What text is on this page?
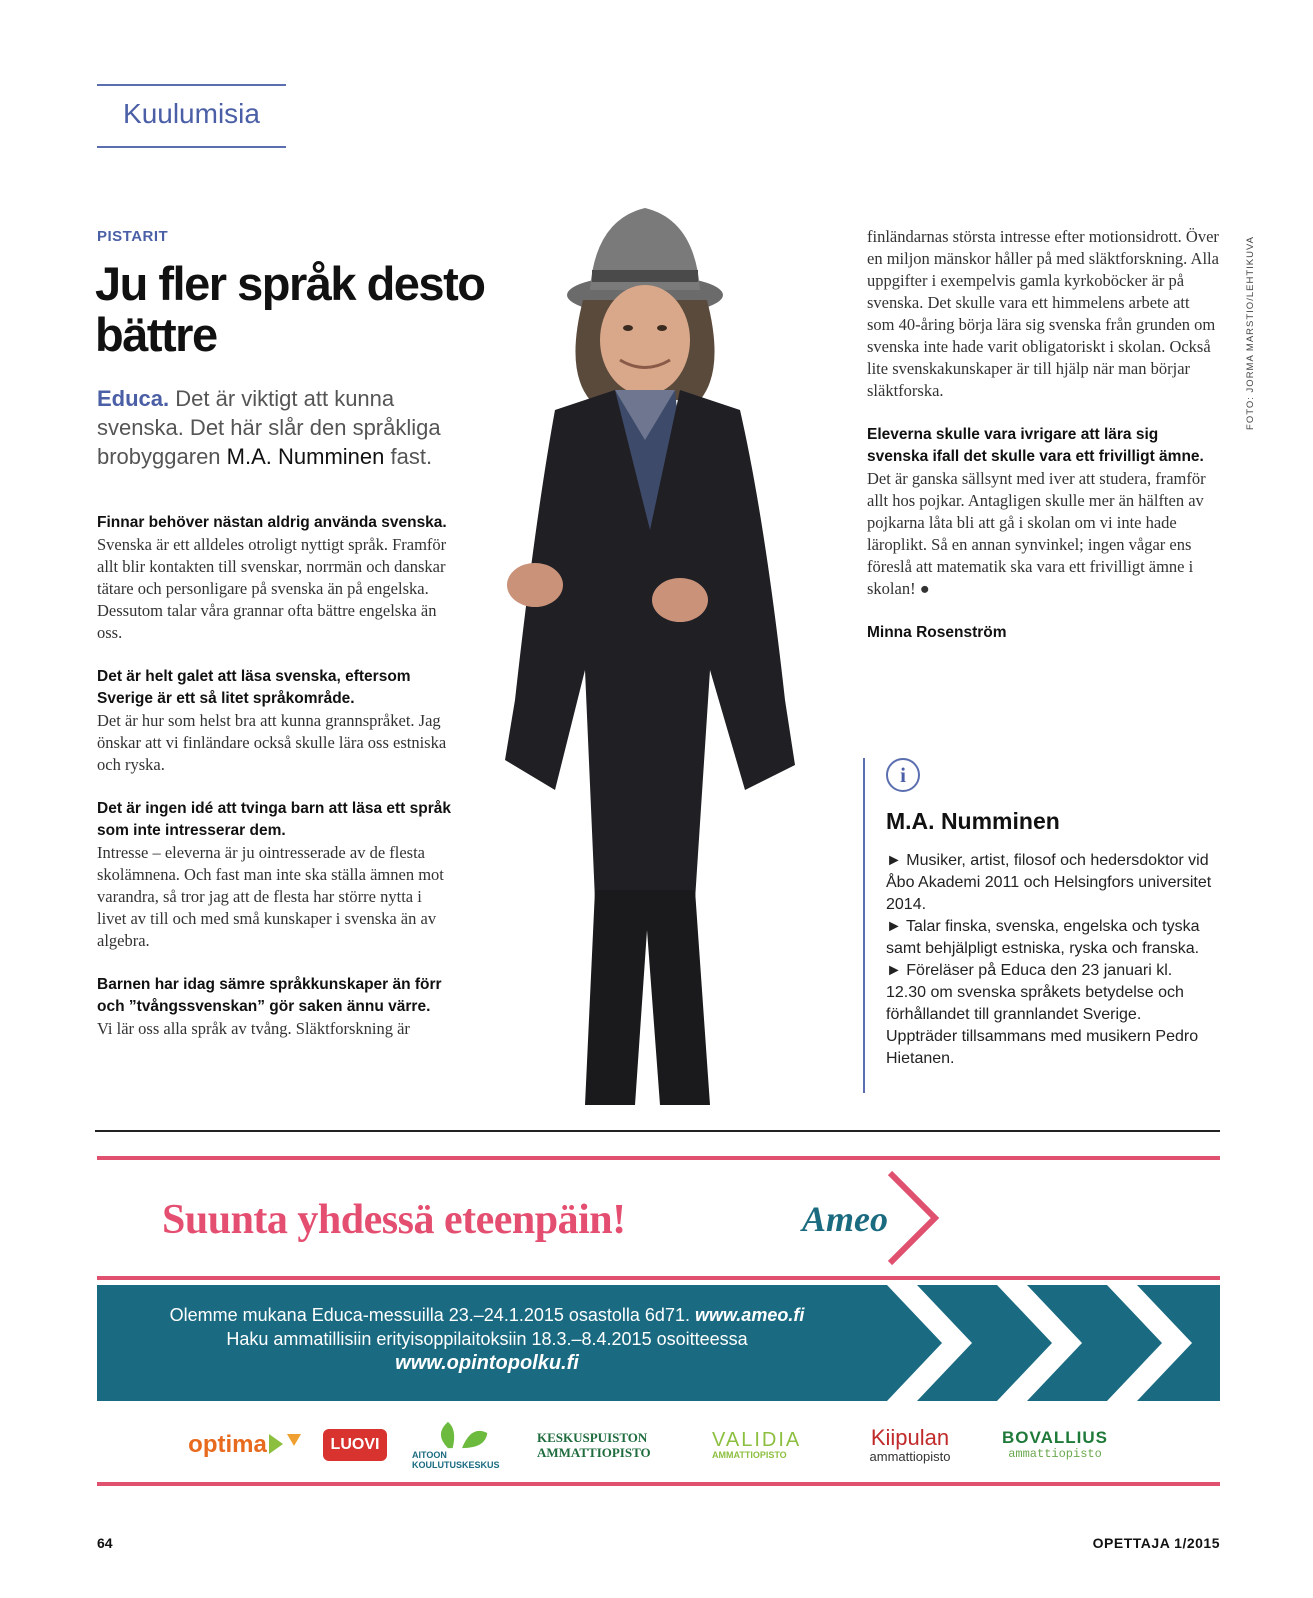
Kuulumisia
PISTARIT
Ju fler språk desto bättre
Educa. Det är viktigt att kunna svenska. Det här slår den språkliga brobyggaren M.A. Numminen fast.
Finnar behöver nästan aldrig använda svenska.
Svenska är ett alldeles otroligt nyttigt språk. Framför allt blir kontakten till svenskar, norrmän och danskar tätare och personligare på svenska än på engelska. Dessutom talar våra grannar ofta bättre engelska än oss.
Det är helt galet att läsa svenska, eftersom Sverige är ett så litet språkområde.
Det är hur som helst bra att kunna grannspråket. Jag önskar att vi finländare också skulle lära oss estniska och ryska.
Det är ingen idé att tvinga barn att läsa ett språk som inte intresserar dem.
Intresse – eleverna är ju ointresserade av de flesta skolämnena. Och fast man inte ska ställa ämnen mot varandra, så tror jag att de flesta har större nytta i livet av till och med små kunskaper i svenska än av algebra.
Barnen har idag sämre språkkunskaper än förr och ”tvångssvenskan” gör saken ännu värre.
Vi lär oss alla språk av tvång. Släktforskning är
finländarnas största intresse efter motionsidrott. Över en miljon mänskor håller på med släktforskning. Alla uppgifter i exempelvis gamla kyrkoböcker är på svenska. Det skulle vara ett himmelens arbete att som 40-åring börja lära sig svenska från grunden om svenska inte hade varit obligatoriskt i skolan. Också lite svenskakunskaper är till hjälp när man börjar släktforska.
Eleverna skulle vara ivrigare att lära sig svenska ifall det skulle vara ett frivilligt ämne.
Det är ganska sällsynt med iver att studera, framför allt hos pojkar. Antagligen skulle mer än hälften av pojkarna låta bli att gå i skolan om vi inte hade läroplikt. Så en annan synvinkel; ingen vågar ens föreslå att matematik ska vara ett frivilligt ämne i skolan! ●
Minna Rosenström
FOTO: JORMA MARSTIO/LEHTIKUVA
i
M.A. Numminen
► Musiker, artist, filosof och hedersdoktor vid Åbo Akademi 2011 och Helsingfors universitet 2014.
► Talar finska, svenska, engelska och tyska samt behjälpligt estniska, ryska och franska.
► Föreläser på Educa den 23 januari kl. 12.30 om svenska språkets betydelse och förhållandet till grannlandet Sverige. Uppträder tillsammans med musikern Pedro Hietanen.
Suunta yhdessä eteenpäin!	Ameo
Olemme mukana Educa-messuilla 23.–24.1.2015 osastolla 6d71. www.ameo.fi
Haku ammatillisiin erityisoppilaitoksiin 18.3.–8.4.2015 osoitteessa
www.opintopolku.fi
optima	LUOVI
AITOON KOULUTUSKESKUS
KESKUSPUISTON AMMATTIOPISTO
VALIDIA
AMMATTIOPISTO
Kiipulan
ammattiopisto
BOVALLIUS
ammattiopisto
64	OPETTAJA 1/2015
